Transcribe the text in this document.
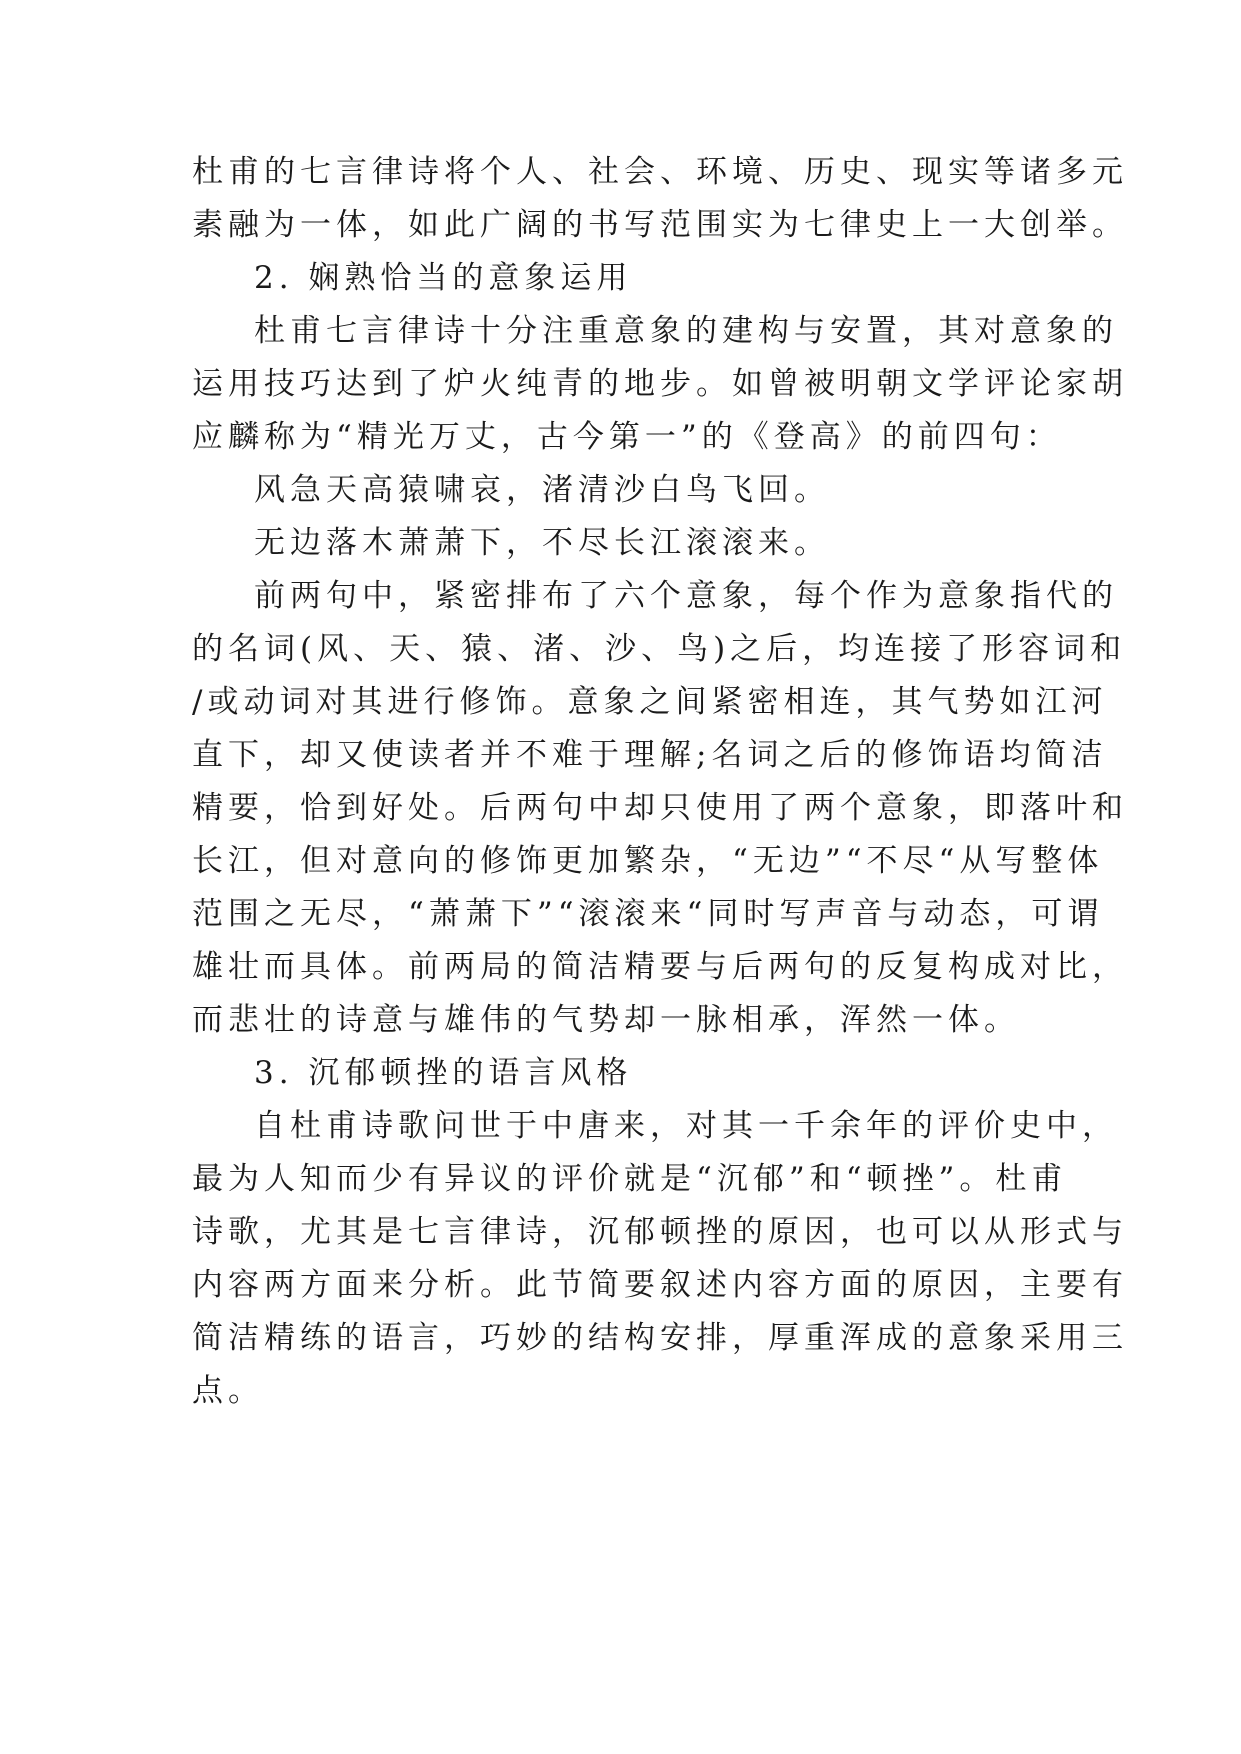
杜甫的七言律诗将个人、社会、环境、历史、现实等诸多元
素融为一体，如此广阔的书写范围实为七律史上一大创举。
2. 娴熟恰当的意象运用
杜甫七言律诗十分注重意象的建构与安置，其对意象的
运用技巧达到了炉火纯青的地步。如曾被明朝文学评论家胡
应麟称为“精光万丈，古今第一”的《登高》的前四句：
风急天高猿啸哀，渚清沙白鸟飞回。
无边落木萧萧下，不尽长江滚滚来。
前两句中，紧密排布了六个意象，每个作为意象指代的
的名词(风、天、猿、渚、沙、鸟)之后，均连接了形容词和
/或动词对其进行修饰。意象之间紧密相连，其气势如江河
直下，却又使读者并不难于理解;名词之后的修饰语均简洁
精要，恰到好处。后两句中却只使用了两个意象，即落叶和
长江，但对意向的修饰更加繁杂，“无边”“不尽“从写整体
范围之无尽，“萧萧下”“滚滚来“同时写声音与动态，可谓
雄壮而具体。前两局的简洁精要与后两句的反复构成对比，
而悲壮的诗意与雄伟的气势却一脉相承，浑然一体。
3. 沉郁顿挫的语言风格
自杜甫诗歌问世于中唐来，对其一千余年的评价史中，
最为人知而少有异议的评价就是“沉郁”和“顿挫”。杜甫
诗歌，尤其是七言律诗，沉郁顿挫的原因，也可以从形式与
内容两方面来分析。此节简要叙述内容方面的原因，主要有
简洁精练的语言，巧妙的结构安排，厚重浑成的意象采用三
点。
